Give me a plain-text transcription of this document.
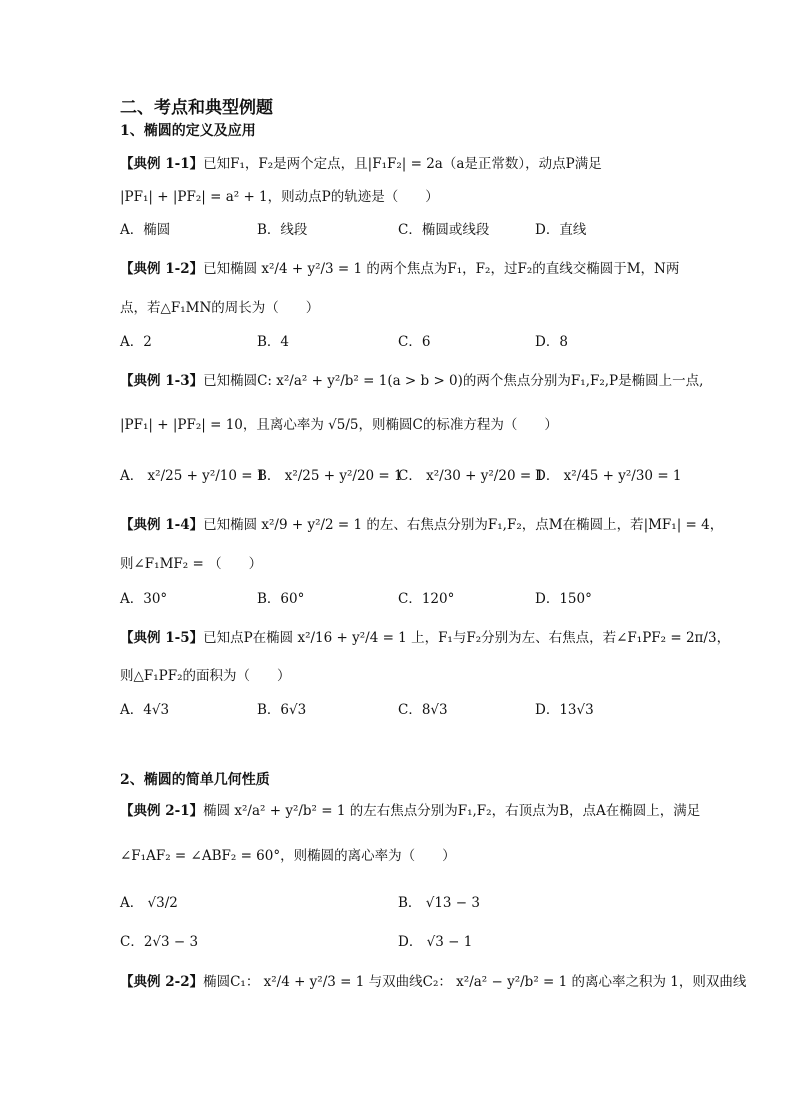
二、考点和典型例题
1、椭圆的定义及应用
【典例 1-1】已知F₁，F₂是两个定点，且|F₁F₂| = 2a（a是正常数），动点P满足
|PF₁| + |PF₂| = a² + 1，则动点P的轨迹是（　　）
A．椭圆	B．线段	C．椭圆或线段	D．直线
【典例 1-2】已知椭圆 x²/4 + y²/3 = 1 的两个焦点为F₁，F₂，过F₂的直线交椭圆于M，N两
点，若△F₁MN的周长为（　　）
A．2	B．4	C．6	D．8
【典例 1-3】已知椭圆C: x²/a² + y²/b² = 1(a > b > 0)的两个焦点分别为F₁,F₂,P是椭圆上一点,
|PF₁| + |PF₂| = 10，且离心率为 √5/5，则椭圆C的标准方程为（　　）
A． x²/25 + y²/10 = 1
B． x²/25 + y²/20 = 1
C． x²/30 + y²/20 = 1
D． x²/45 + y²/30 = 1
【典例 1-4】已知椭圆 x²/9 + y²/2 = 1 的左、右焦点分别为F₁,F₂，点M在椭圆上，若|MF₁| = 4，
则∠F₁MF₂ = （　　）
A．30°	B．60°	C．120°	D．150°
【典例 1-5】已知点P在椭圆 x²/16 + y²/4 = 1 上，F₁与F₂分别为左、右焦点，若∠F₁PF₂ = 2π/3，
则△F₁PF₂的面积为（　　）
A．4√3	B．6√3	C．8√3	D．13√3
2、椭圆的简单几何性质
【典例 2-1】椭圆 x²/a² + y²/b² = 1 的左右焦点分别为F₁,F₂，右顶点为B，点A在椭圆上，满足
∠F₁AF₂ = ∠ABF₂ = 60°，则椭圆的离心率为（　　）
A． √3/2	B． √13 − 3
C．2√3 − 3	D． √3 − 1
【典例 2-2】椭圆C₁： x²/4 + y²/3 = 1 与双曲线C₂： x²/a² − y²/b² = 1 的离心率之积为 1，则双曲线
